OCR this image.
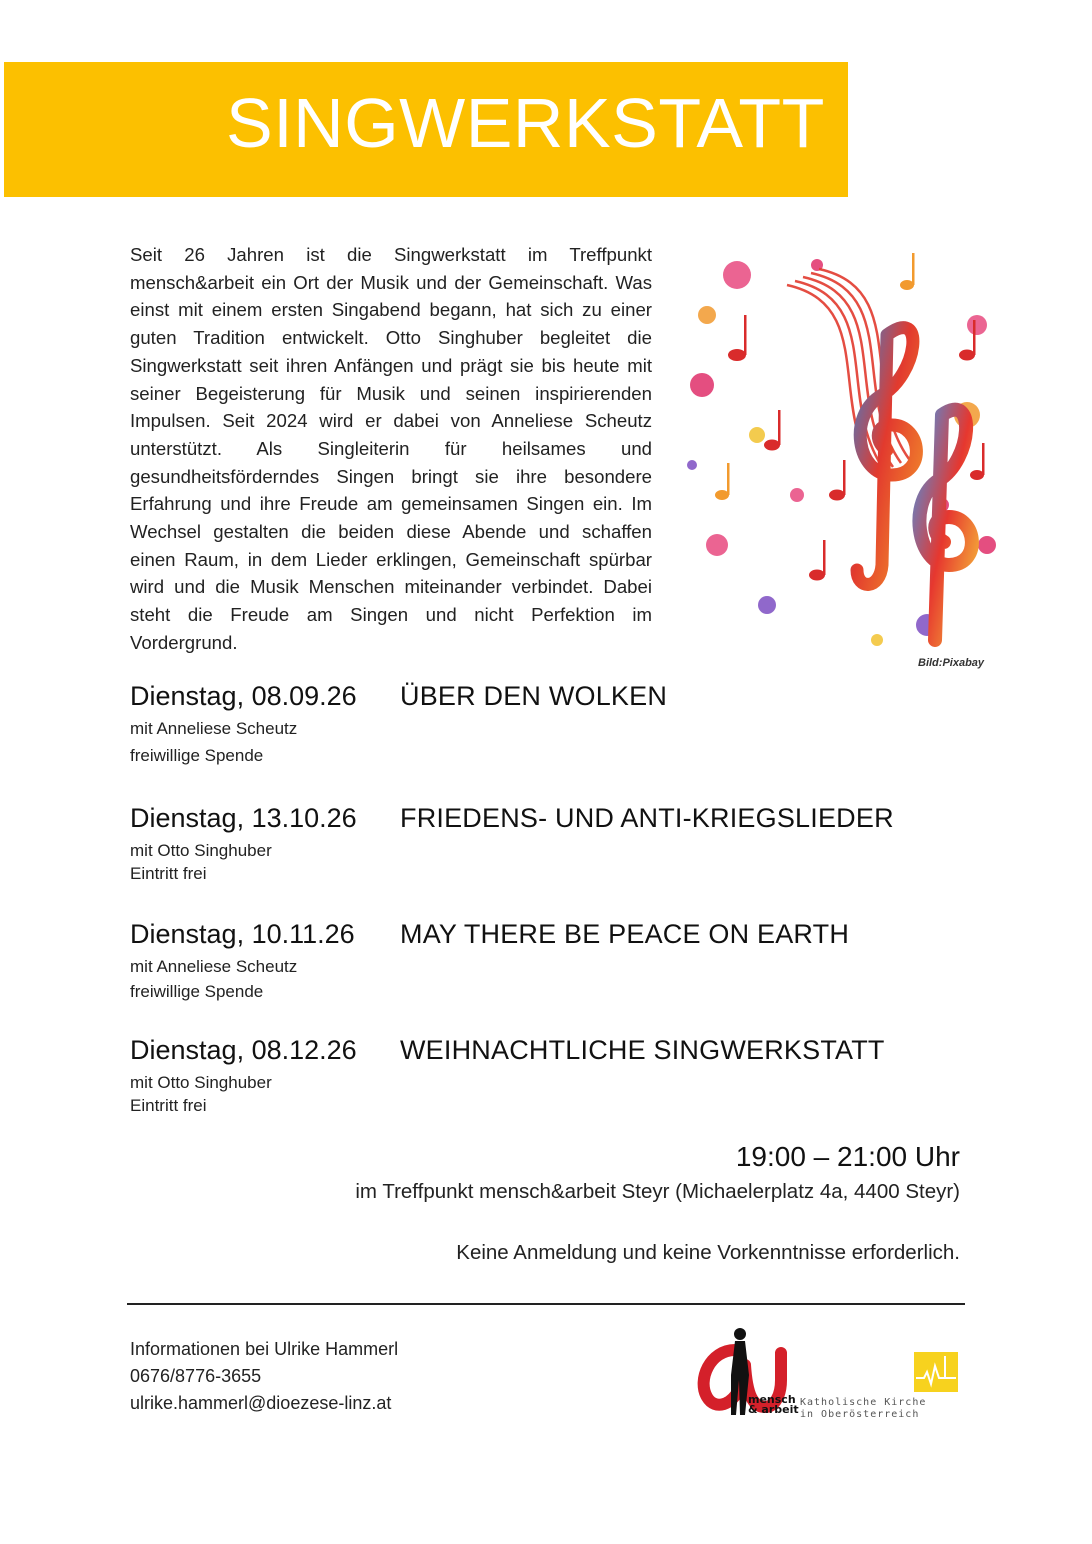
SINGWERKSTATT

Seit 26 Jahren ist die Singwerkstatt im Treffpunkt mensch&arbeit ein Ort der Musik und der Gemeinschaft. Was einst mit einem ersten Singabend begann, hat sich zu einer guten Tradition entwickelt. Otto Singhuber begleitet die Singwerkstatt seit ihren Anfängen und prägt sie bis heute mit seiner Begeisterung für Musik und seinen inspirierenden Impulsen. Seit 2024 wird er dabei von Anneliese Scheutz unterstützt. Als Singleiterin für heilsames und gesundheitsförderndes Singen bringt sie ihre besondere Erfahrung und ihre Freude am gemeinsamen Singen ein. Im Wechsel gestalten die beiden diese Abende und schaffen einen Raum, in dem Lieder erklingen, Gemeinschaft spürbar wird und die Musik Menschen miteinander verbindet. Dabei steht die Freude am Singen und nicht Perfektion im Vordergrund.

Bild:Pixabay
Dienstag, 08.09.26 ÜBER DEN WOLKEN
mit Anneliese Scheutz
freiwillige Spende
Dienstag, 13.10.26 FRIEDENS- UND ANTI-KRIEGSLIEDER
mit Otto Singhuber
Eintritt frei
Dienstag, 10.11.26 MAY THERE BE PEACE ON EARTH
mit Anneliese Scheutz
freiwillige Spende
Dienstag, 08.12.26 WEIHNACHTLICHE SINGWERKSTATT
mit Otto Singhuber
Eintritt frei
19:00 – 21:00 Uhr
im Treffpunkt mensch&arbeit Steyr (Michaelerplatz 4a, 4400 Steyr)
Keine Anmeldung und keine Vorkenntnisse erforderlich.
Informationen bei Ulrike Hammerl
0676/8776-3655
ulrike.hammerl@dioezese-linz.at	mensch
& arbeit
Katholische Kirche
in Oberösterreich
